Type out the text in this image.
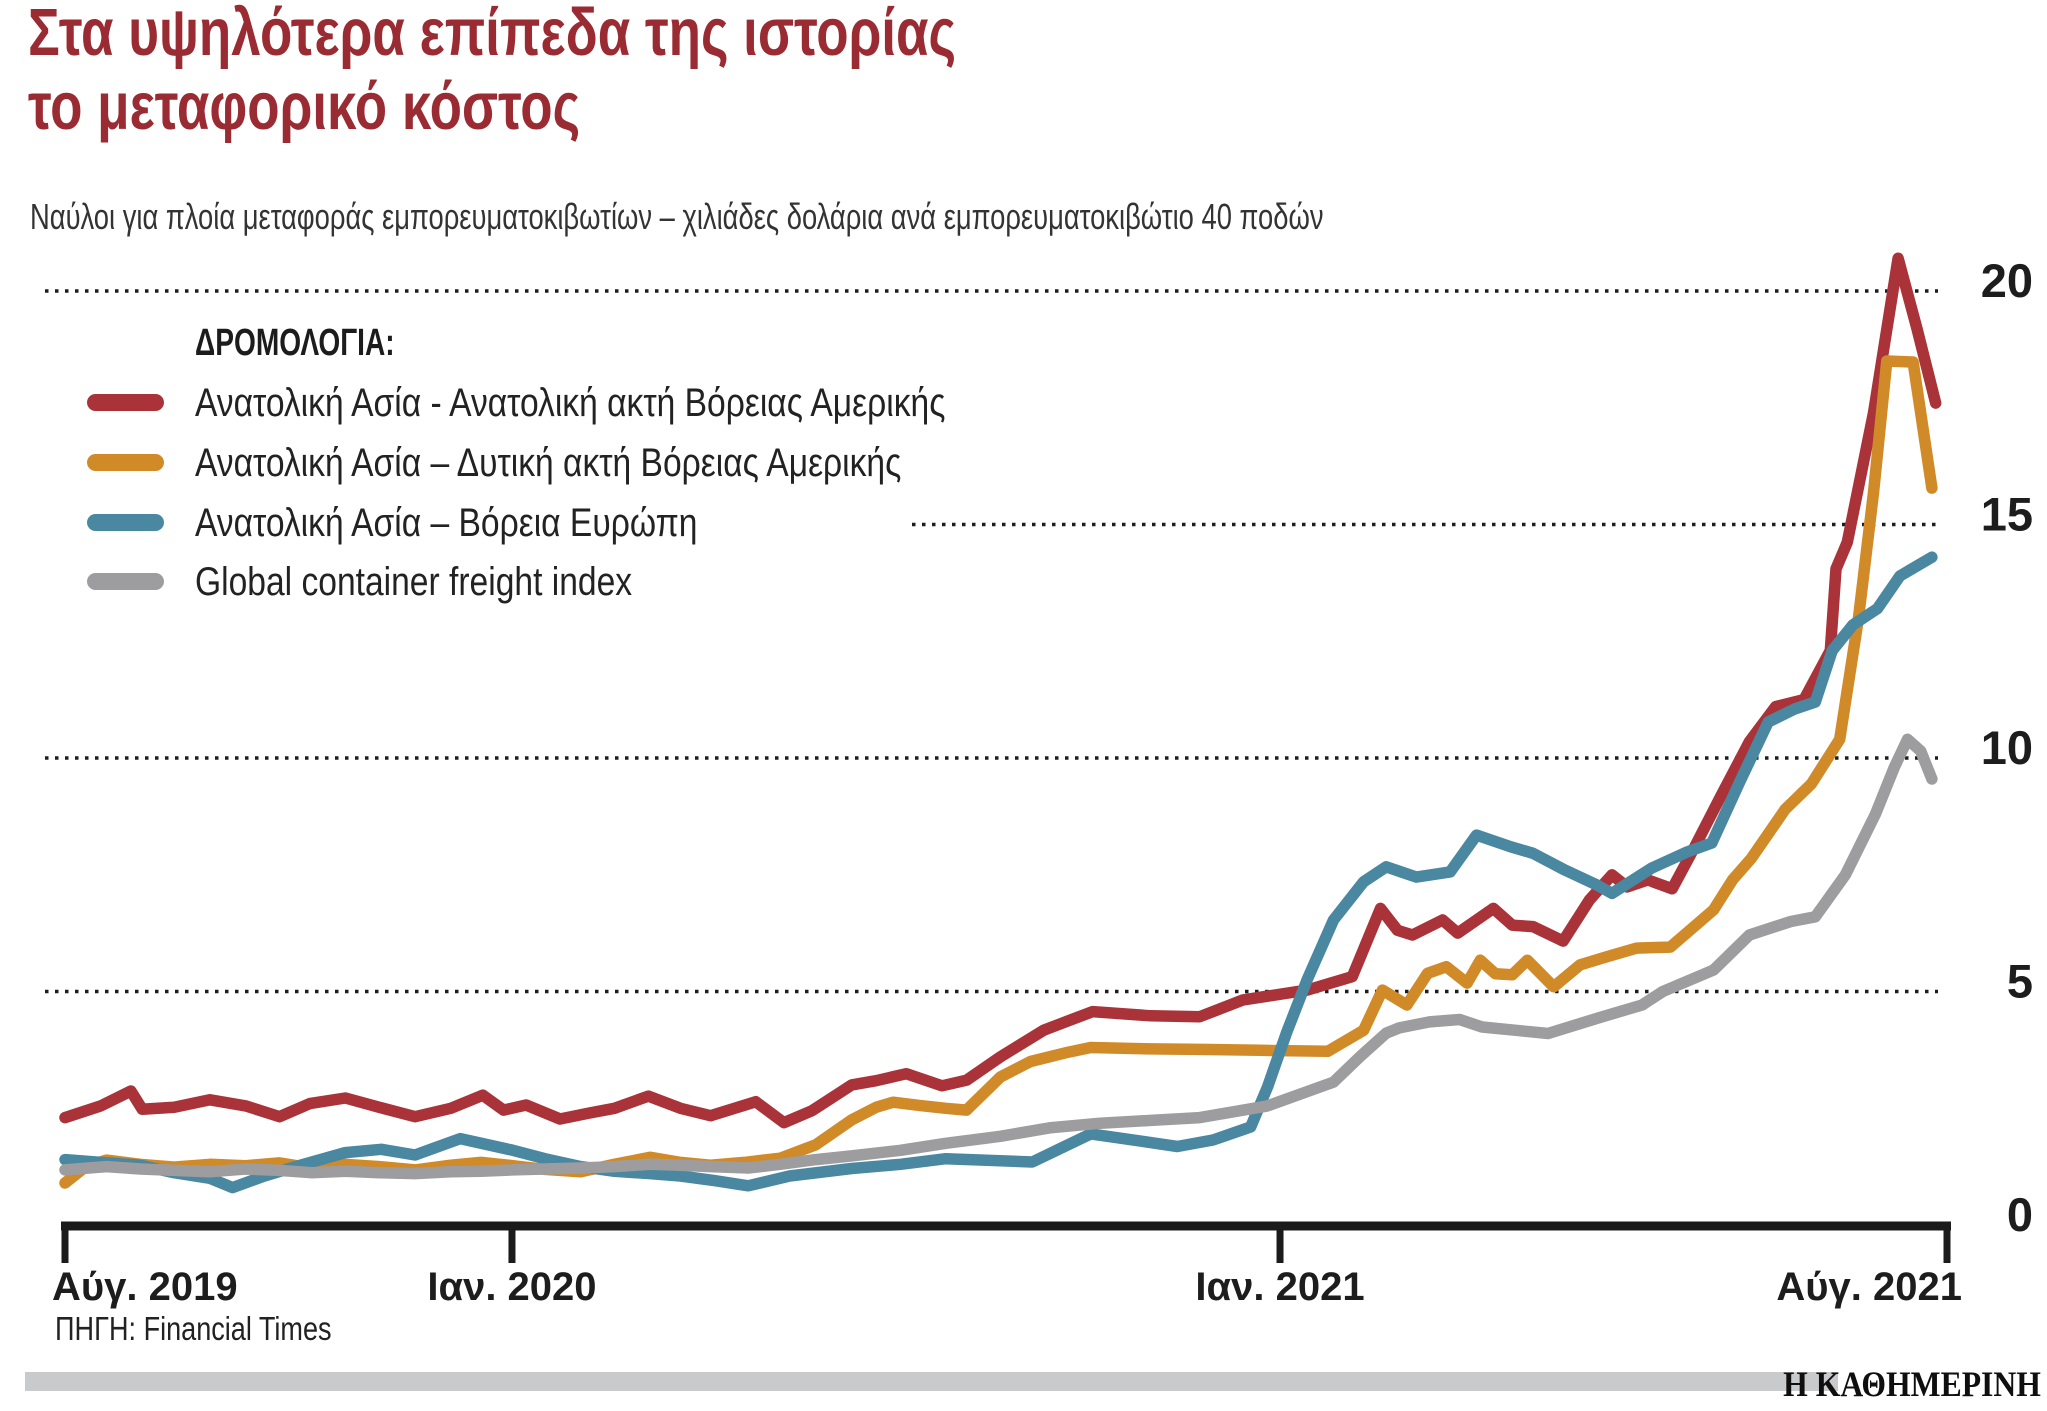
Στα υψηλότερα επίπεδα της ιστορίας
το μεταφορικό κόστος
Ναύλοι για πλοία μεταφοράς εμπορευματοκιβωτίων – χιλιάδες δολάρια ανά εμπορευματοκιβώτιο 40 ποδών
ΔΡΟΜΟΛΟΓΙΑ:
Ανατολική Ασία - Ανατολική ακτή Βόρειας Αμερικής
Ανατολική Ασία – Δυτική ακτή Βόρειας Αμερικής
Ανατολική Ασία – Βόρεια Ευρώπη
Global container freight index
20
15
10
5
0
Αύγ. 2019	Ιαν. 2020	Ιαν. 2021	Αύγ. 2021
ΠΗΓΗ: Financial Times
Η ΚΑΘΗΜΕΡΙΝΗ
